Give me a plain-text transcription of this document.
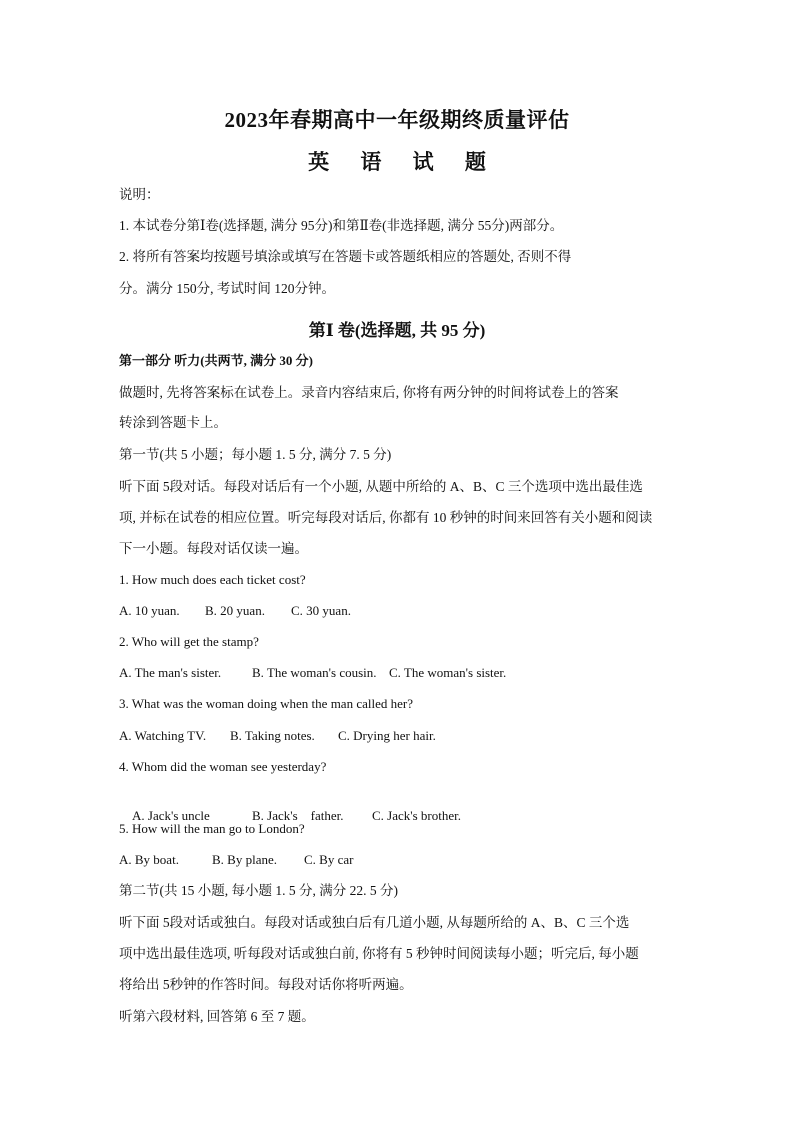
2023年春期高中一年级期终质量评估
英 语 试 题
说明：
1. 本试卷分第Ⅰ卷(选择题, 满分 95分)和第Ⅱ卷(非选择题, 满分 55分)两部分。
2. 将所有答案均按题号填涂或填写在答题卡或答题纸相应的答题处, 否则不得
分。满分 150分, 考试时间 120分钟。
第Ⅰ 卷(选择题, 共 95 分)
第一部分 听力(共两节, 满分 30 分)
做题时, 先将答案标在试卷上。录音内容结束后, 你将有两分钟的时间将试卷上的答案
转涂到答题卡上。
第一节(共 5 小题；每小题 1. 5 分, 满分 7. 5 分)
听下面 5段对话。每段对话后有一个小题, 从题中所给的 A、B、C 三个选项中选出最佳选
项, 并标在试卷的相应位置。听完每段对话后, 你都有 10 秒钟的时间来回答有关小题和阅读
下一小题。每段对话仅读一遍。
1. How much does each ticket cost?
A. 10 yuan. B. 20 yuan. C. 30 yuan.
2. Who will get the stamp?
A. The man's sister. B. The woman's cousin. C. The woman's sister.
3. What was the woman doing when the man called her?
A. Watching TV. B. Taking notes. C. Drying her hair.
4. Whom did the woman see yesterday?

A. Jack's uncle	B. Jack's    father. C. Jack's brother.

5. How will the man go to London?
A. By boat.	B. By plane. C. By car
第二节(共 15 小题, 每小题 1. 5 分, 满分 22. 5 分)
听下面 5段对话或独白。每段对话或独白后有几道小题, 从每题所给的 A、B、C 三个选
项中选出最佳选项, 听每段对话或独白前, 你将有 5 秒钟时间阅读每小题；听完后, 每小题
将给出 5秒钟的作答时间。每段对话你将听两遍。
听第六段材料, 回答第 6 至 7 题。
